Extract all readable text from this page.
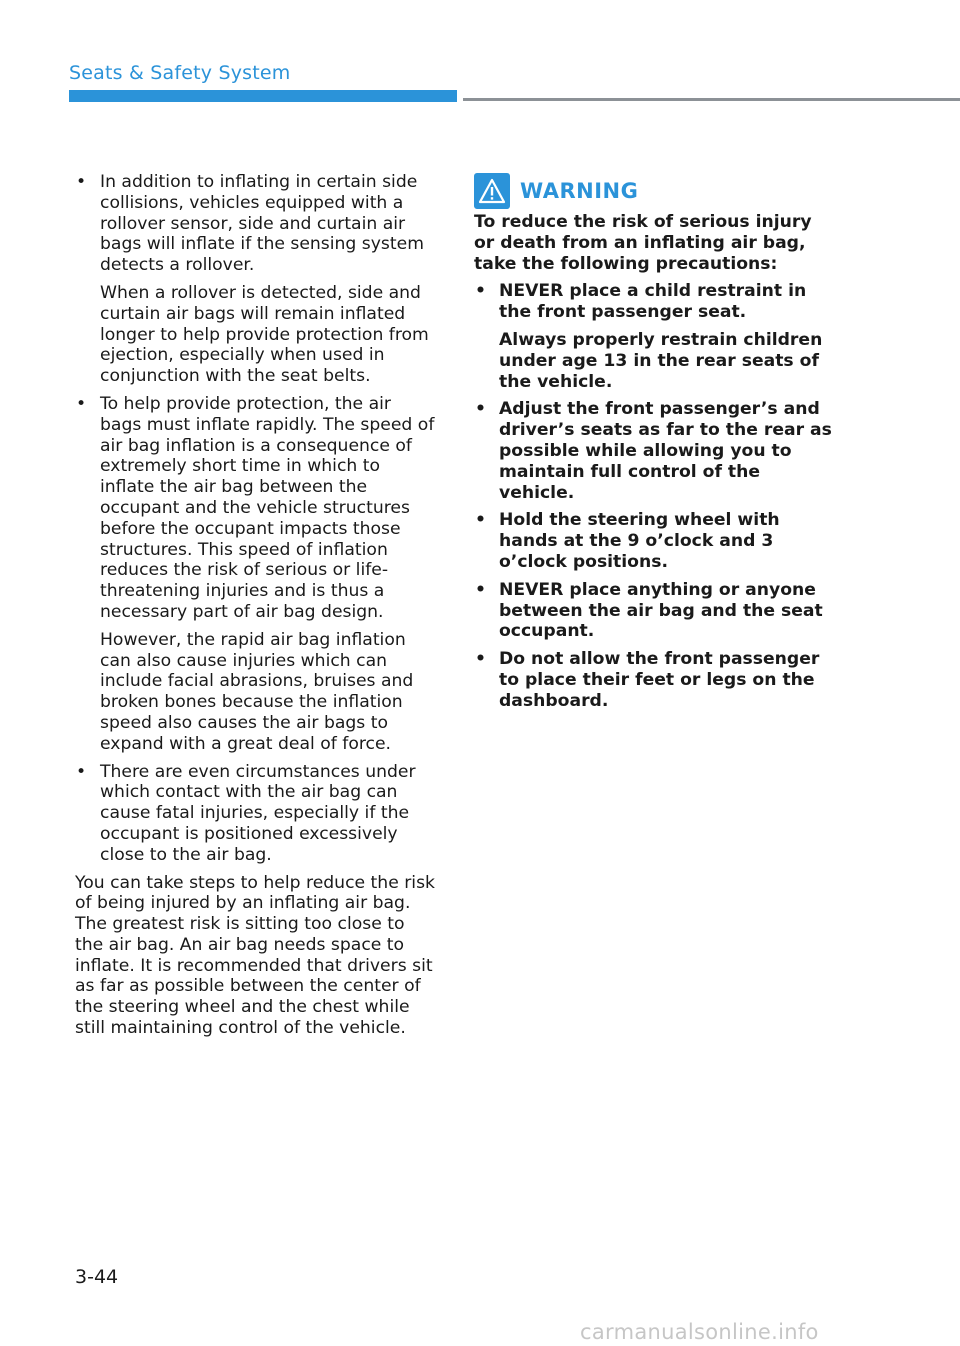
Seats & Safety System
• In addition to inflating in certain side collisions, vehicles equipped with a rollover sensor, side and curtain air bags will inflate if the sensing system detects a rollover.

When a rollover is detected, side and curtain air bags will remain inflated longer to help provide protection from ejection, especially when used in conjunction with the seat belts.

• To help provide protection, the air bags must inflate rapidly. The speed of air bag inflation is a consequence of extremely short time in which to inflate the air bag between the occupant and the vehicle structures before the occupant impacts those structures. This speed of inflation reduces the risk of serious or life-threatening injuries and is thus a necessary part of air bag design.

However, the rapid air bag inflation can also cause injuries which can include facial abrasions, bruises and broken bones because the inflation speed also causes the air bags to expand with a great deal of force.

• There are even circumstances under which contact with the air bag can cause fatal injuries, especially if the occupant is positioned excessively close to the air bag.

You can take steps to help reduce the risk of being injured by an inflating air bag. The greatest risk is sitting too close to the air bag. An air bag needs space to inflate. It is recommended that drivers sit as far as possible between the center of the steering wheel and the chest while still maintaining control of the vehicle.

WARNING

To reduce the risk of serious injury or death from an inflating air bag, take the following precautions:

• NEVER place a child restraint in the front passenger seat.

Always properly restrain children under age 13 in the rear seats of the vehicle.

• Adjust the front passenger’s and driver’s seats as far to the rear as possible while allowing you to maintain full control of the vehicle.

• Hold the steering wheel with hands at the 9 o’clock and 3 o’clock positions.

• NEVER place anything or anyone between the air bag and the seat occupant.

• Do not allow the front passenger to place their feet or legs on the dashboard.

3-44
carmanualsonline.info
